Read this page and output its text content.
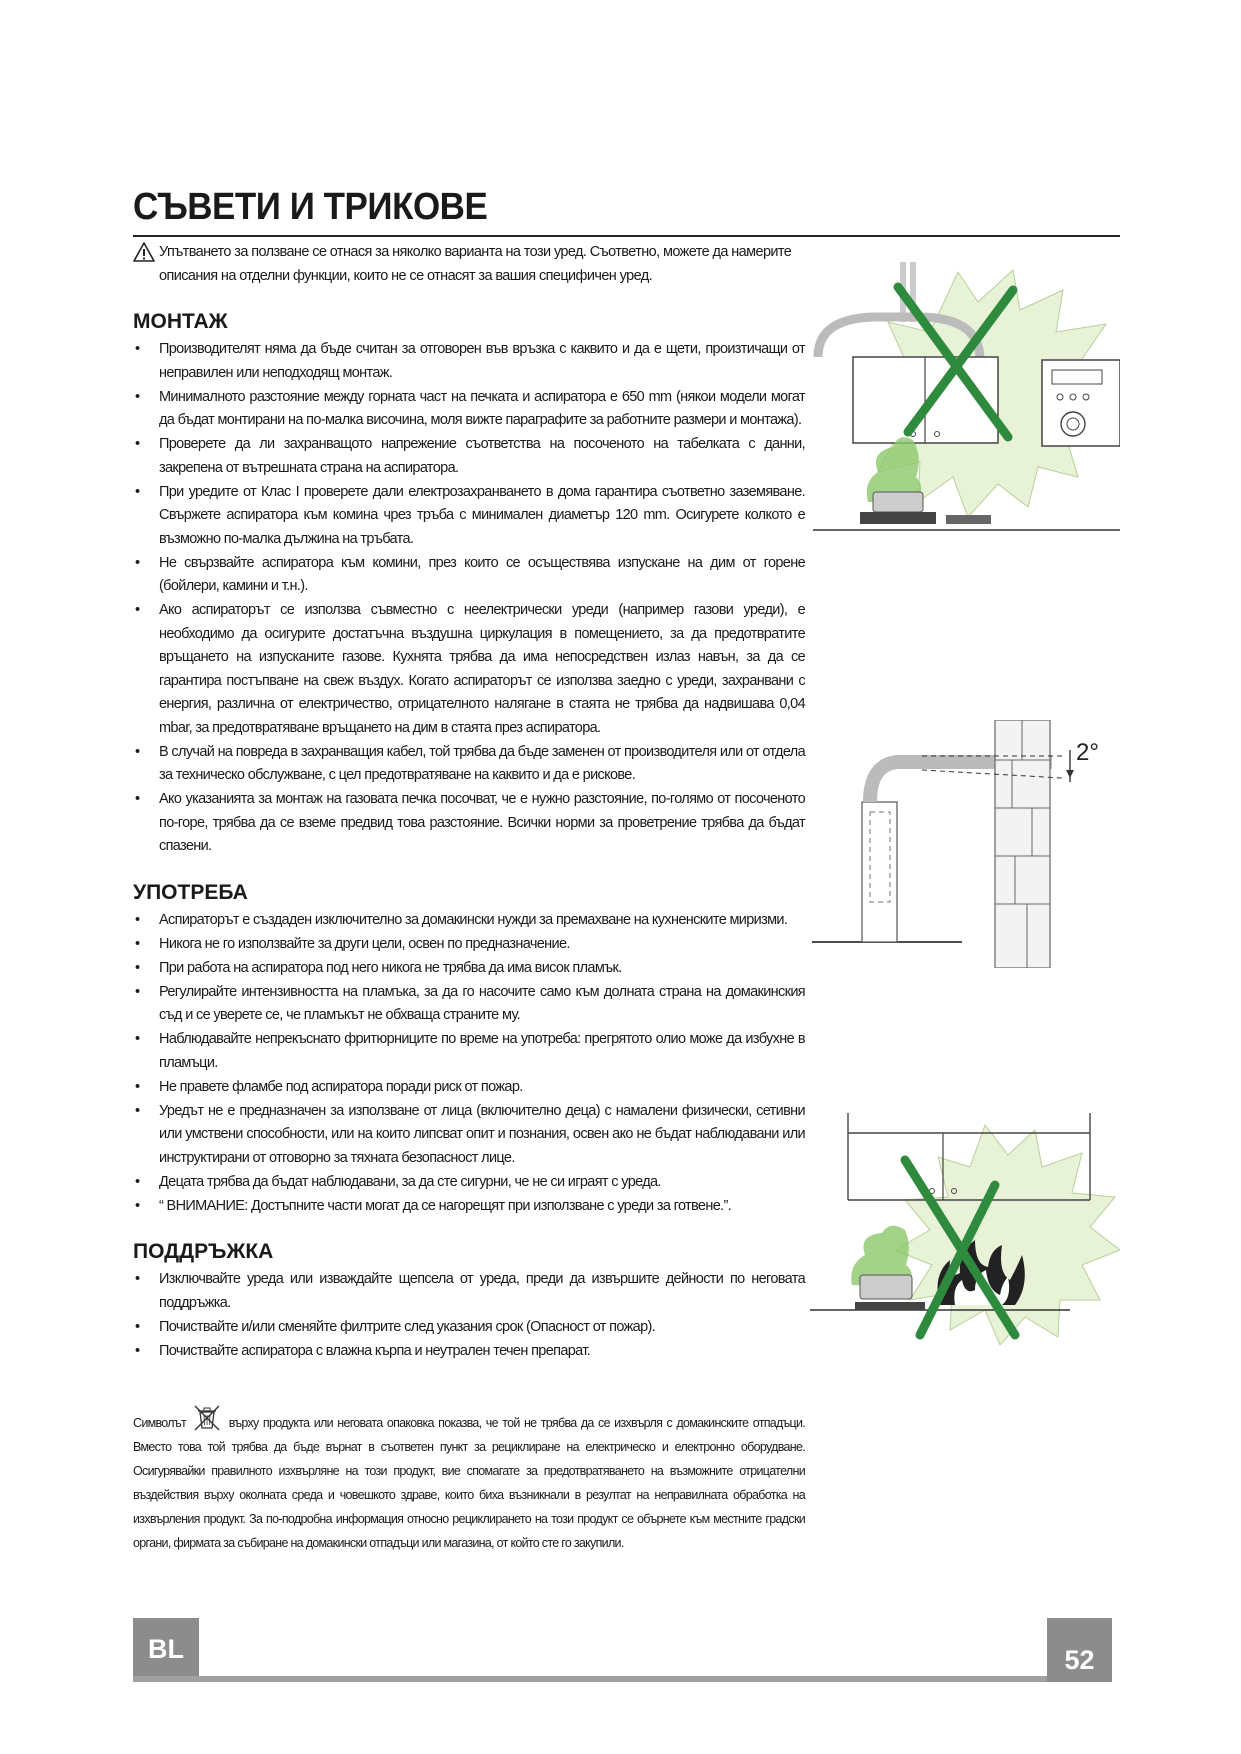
СЪВЕТИ И ТРИКОВЕ
Упътването за ползване се отнася за няколко варианта на този уред. Съответно, можете да намерите описания на отделни функции, които не се отнасят за вашия специфичен уред.
МОНТАЖ
• Производителят няма да бъде считан за отговорен във връзка с каквито и да е щети, произтичащи от неправилен или неподходящ монтаж.
• Минималното разстояние между горната част на печката и аспиратора е 650 mm (някои модели могат да бъдат монтирани на по-малка височина, моля вижте параграфите за работните размери и монтажа).
• Проверете да ли захранващото напрежение съответства на посоченото на табелката с данни, закрепена от вътрешната страна на аспиратора.
• При уредите от Клас I проверете дали електрозахранването в дома гарантира съответно заземяване. Свържете аспиратора към комина чрез тръба с минимален диаметър 120 mm. Осигурете колкото е възможно по-малка дължина на тръбата.
• Не свързвайте аспиратора към комини, през които се осъществява изпускане на дим от горене (бойлери, камини и т.н.).
• Ако аспираторът се използва съвместно с неелектрически уреди (например газови уреди), е необходимо да осигурите достатъчна въздушна циркулация в помещението, за да предотвратите връщането на изпусканите газове. Кухнята трябва да има непосредствен излаз навън, за да се гарантира постъпване на свеж въздух. Когато аспираторът се използва заедно с уреди, захранвани с енергия, различна от електричество, отрицателното налягане в стаята не трябва да надвишава 0,04 mbar, за предотвратяване връщането на дим в стаята през аспиратора.
• В случай на повреда в захранващия кабел, той трябва да бъде заменен от производителя или от отдела за техническо обслужване, с цел предотвратяване на каквито и да е рискове.
• Ако указанията за монтаж на газовата печка посочват, че е нужно разстояние, по-голямо от посоченото по-горе, трябва да се вземе предвид това разстояние. Всички норми за проветрение трябва да бъдат спазени.
УПОТРЕБА
• Аспираторът е създаден изключително за домакински нужди за премахване на кухненските миризми.
• Никога не го използвайте за други цели, освен по предназначение.
• При работа на аспиратора под него никога не трябва да има висок пламък.
• Регулирайте интензивността на пламъка, за да го насочите само към долната страна на домакинския съд и се уверете се, че пламъкът не обхваща страните му.
• Наблюдавайте непрекъснато фритюрниците по време на употреба: прегрятото олио може да избухне в пламъци.
• Не правете фламбе под аспиратора поради риск от пожар.
• Уредът не е предназначен за използване от лица (включително деца) с намалени физически, сетивни или умствени способности, или на които липсват опит и познания, освен ако не бъдат наблюдавани или инструктирани от отговорно за тяхната безопасност лице.
• Децата трябва да бъдат наблюдавани, за да сте сигурни, че не си играят с уреда.
• “ ВНИМАНИЕ: Достъпните части могат да се нагорещят при използване с уреди за готвене.”.
ПОДДРЪЖКА
• Изключвайте уреда или изваждайте щепсела от уреда, преди да извършите дейности по неговата поддръжка.
• Почиствайте и/или сменяйте филтрите след указания срок (Опасност от пожар).
• Почиствайте аспиратора с влажна кърпа и неутрален течен препарат.
Символът	върху продукта или неговата опаковка показва, че той не трябва да се изхвърля с домакинските отпадъци. Вместо това той трябва да бъде върнат в съответен пункт за рециклиране на електрическо и електронно оборудване. Осигурявайки правилното изхвърляне на този продукт, вие спомагате за предотвратяването на възможните отрицателни въздействия върху околната среда и човешкото здраве, които биха възникнали в резултат на неправилната обработка на изхвърления продукт. За по-подробна информация относно рециклирането на този продукт се обърнете към местните градски органи, фирмата за събиране на домакински отпадъци или магазина, от който сте го закупили.
2°
BL	52
